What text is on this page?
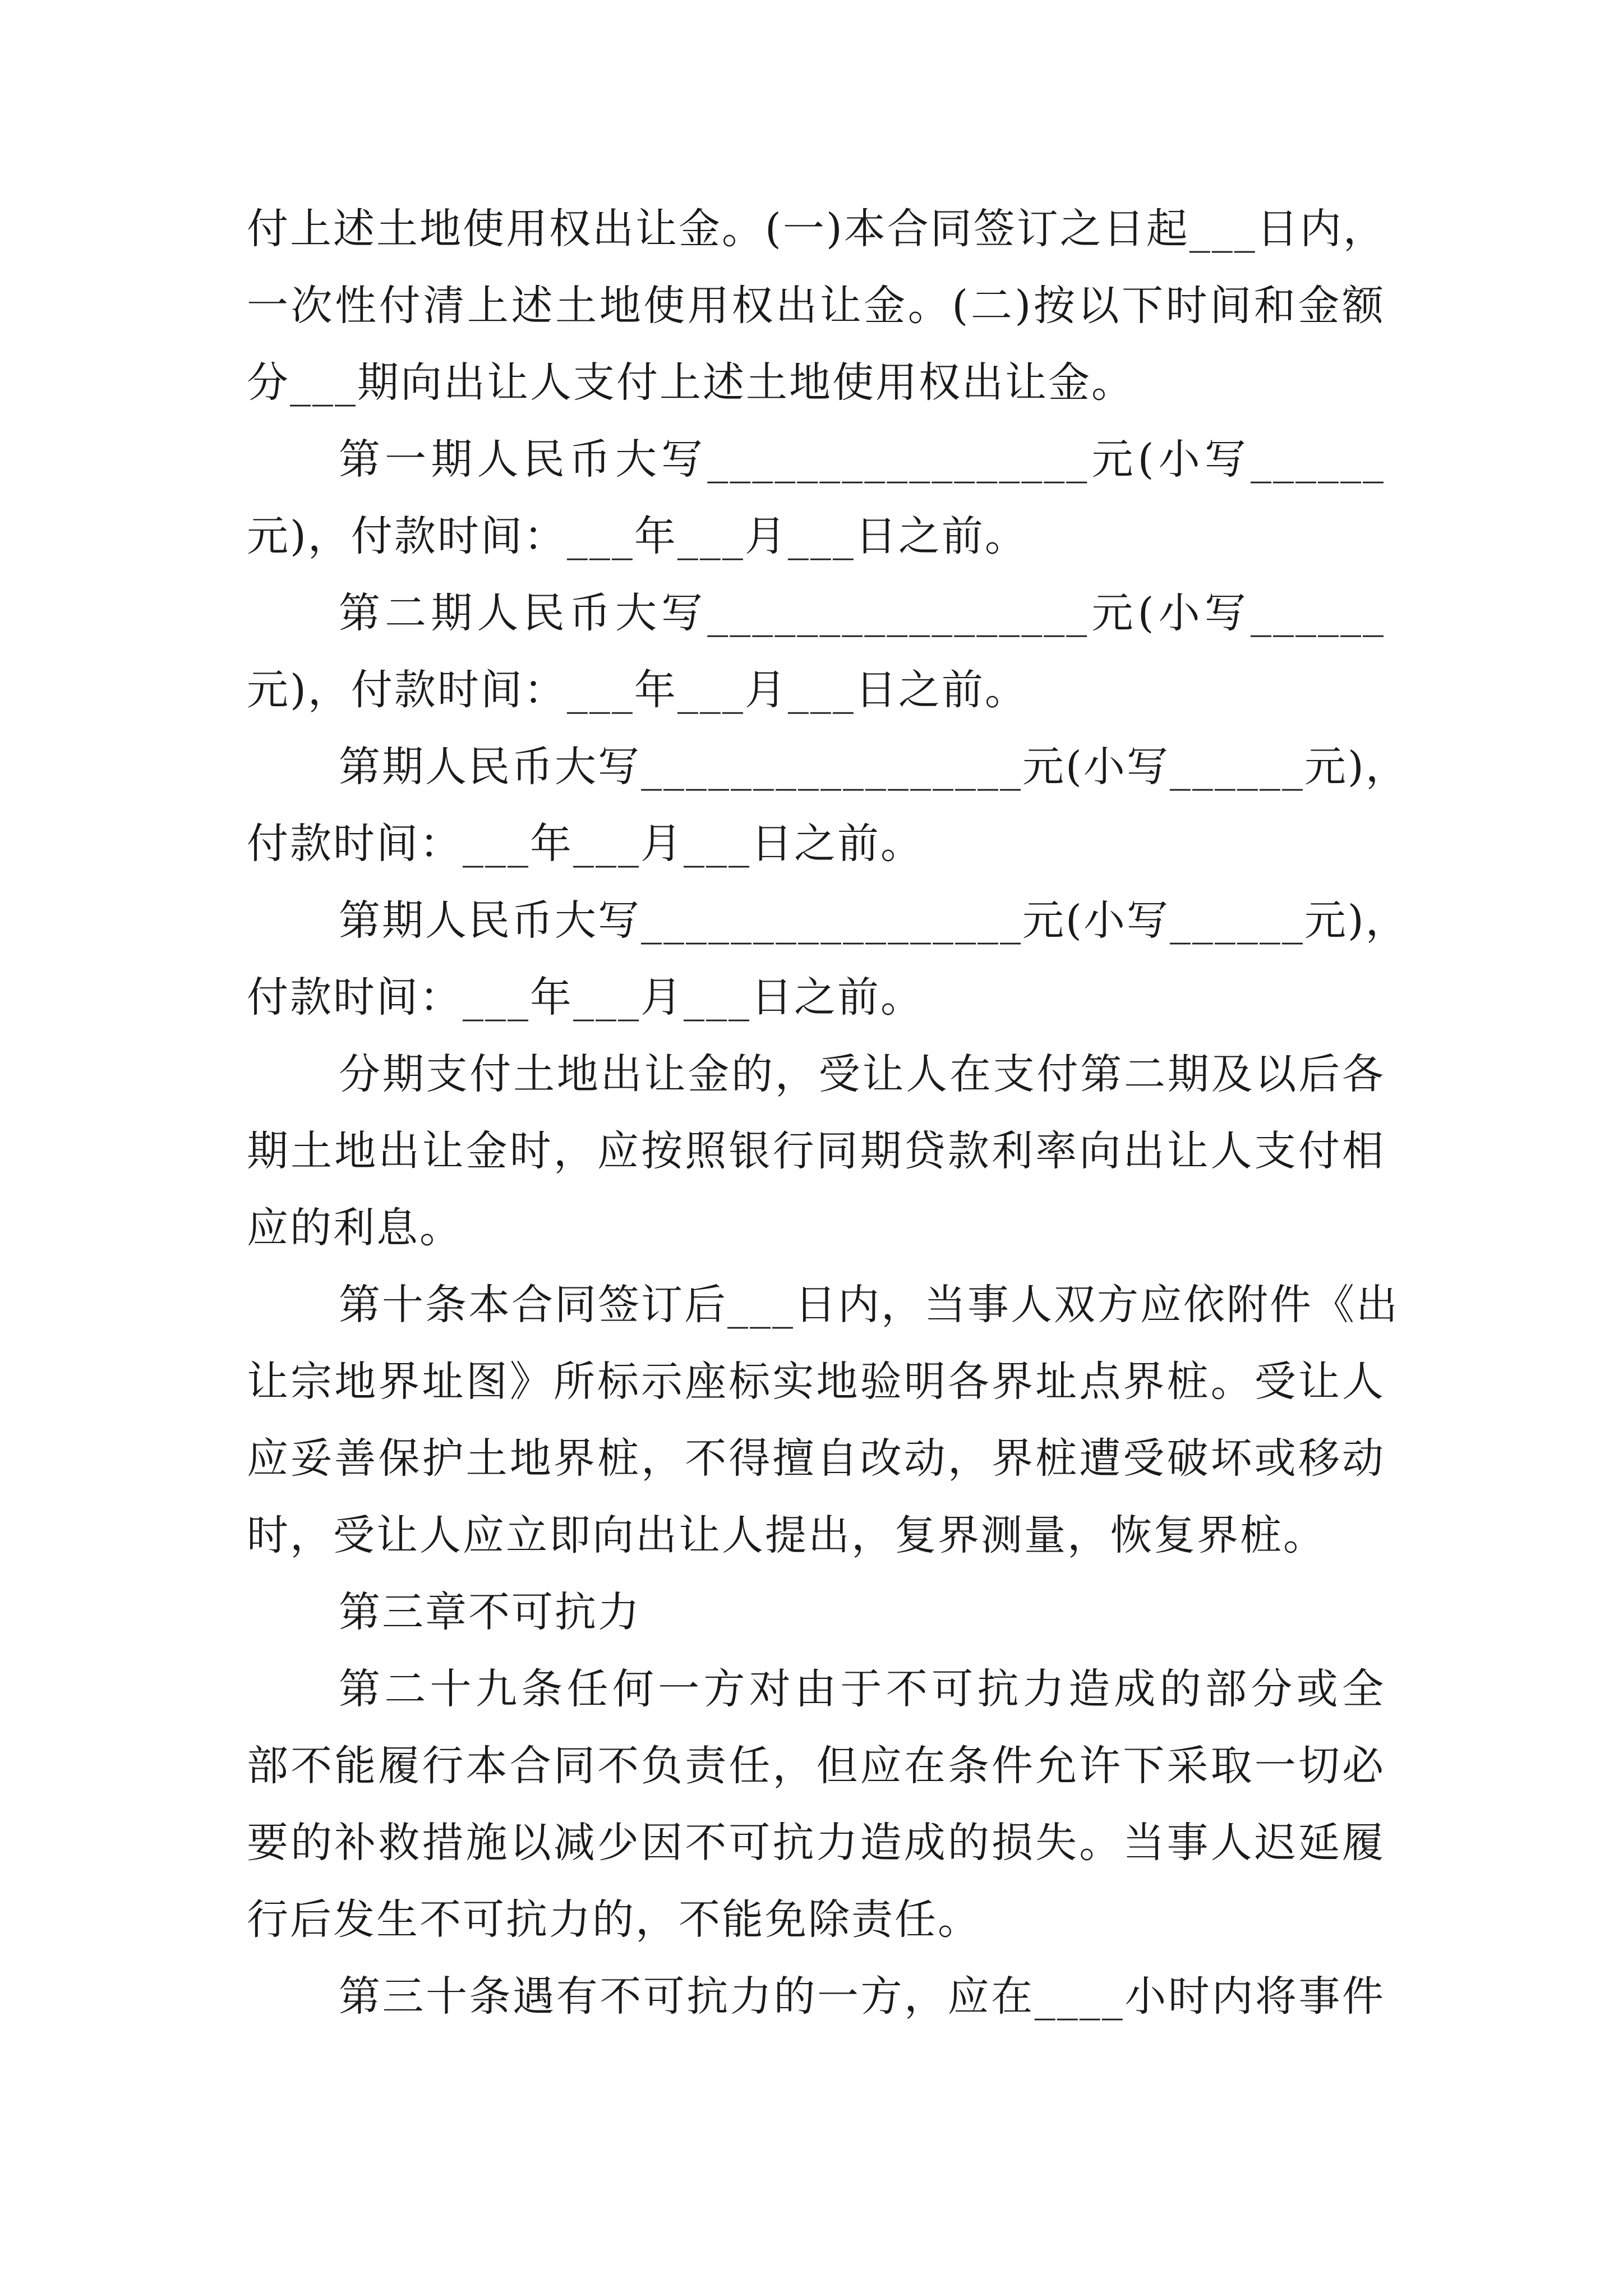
付上述土地使用权出让金。(一)本合同签订之日起___日内，
一次性付清上述土地使用权出让金。(二)按以下时间和金额
分___期向出让人支付上述土地使用权出让金。
第一期人民币大写_________________元(小写______
元)，付款时间：___年___月___日之前。
第二期人民币大写_________________元(小写______
元)，付款时间：___年___月___日之前。
第期人民币大写_________________元(小写______元)，
付款时间：___年___月___日之前。
第期人民币大写_________________元(小写______元)，
付款时间：___年___月___日之前。
分期支付土地出让金的，受让人在支付第二期及以后各
期土地出让金时，应按照银行同期贷款利率向出让人支付相
应的利息。
第十条本合同签订后___日内，当事人双方应依附件《出
让宗地界址图》所标示座标实地验明各界址点界桩。受让人
应妥善保护土地界桩，不得擅自改动，界桩遭受破坏或移动
时，受让人应立即向出让人提出，复界测量，恢复界桩。
第三章不可抗力
第二十九条任何一方对由于不可抗力造成的部分或全
部不能履行本合同不负责任，但应在条件允许下采取一切必
要的补救措施以减少因不可抗力造成的损失。当事人迟延履
行后发生不可抗力的，不能免除责任。
第三十条遇有不可抗力的一方，应在____小时内将事件
